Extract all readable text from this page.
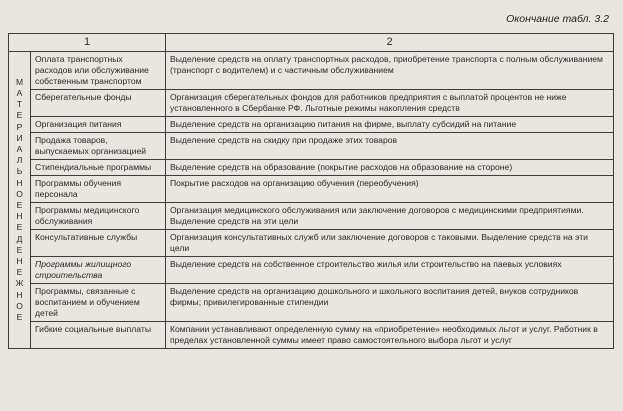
Окончание табл. 3.2
1		2
МАТЕРИАЛЬНОЕ НЕДЕНЕЖНОЕ	Оплата транспортных расходов или обслуживание собственным транспортом	Выделение средств на оплату транспортных расходов, приобретение транспорта с полным обслуживанием (транспорт с водителем) и с частичным обслуживанием
	Сберегательные фонды	Организация сберегательных фондов для работников предприятия с выплатой процентов не ниже установленного в Сбербанке РФ. Льготные режимы накопления средств
	Организация питания	Выделение средств на организацию питания на фирме, выплату субсидий на питание
	Продажа товаров, выпускаемых организацией	Выделение средств на скидку при продаже этих товаров
	Стипендиальные программы	Выделение средств на образование (покрытие расходов на образование на стороне)
	Программы обучения персонала	Покрытие расходов на организацию обучения (переобучения)
	Программы медицинского обслуживания	Организация медицинского обслуживания или заключение договоров с медицинскими предприятиями. Выделение средств на эти цели
	Консультативные службы	Организация консультативных служб или заключение договоров с таковыми. Выделение средств на эти цели
	Программы жилищного строительства	Выделение средств на собственное строительство жилья или строительство на паевых условиях
	Программы, связанные с воспитанием и обучением детей	Выделение средств на организацию дошкольного и школьного воспитания детей, внуков сотрудников фирмы; привилегированные стипендии
	Гибкие социальные выплаты	Компании устанавливают определенную сумму на «приобретение» необходимых льгот и услуг. Работник в пределах установленной суммы имеет право самостоятельного выбора льгот и услуг
